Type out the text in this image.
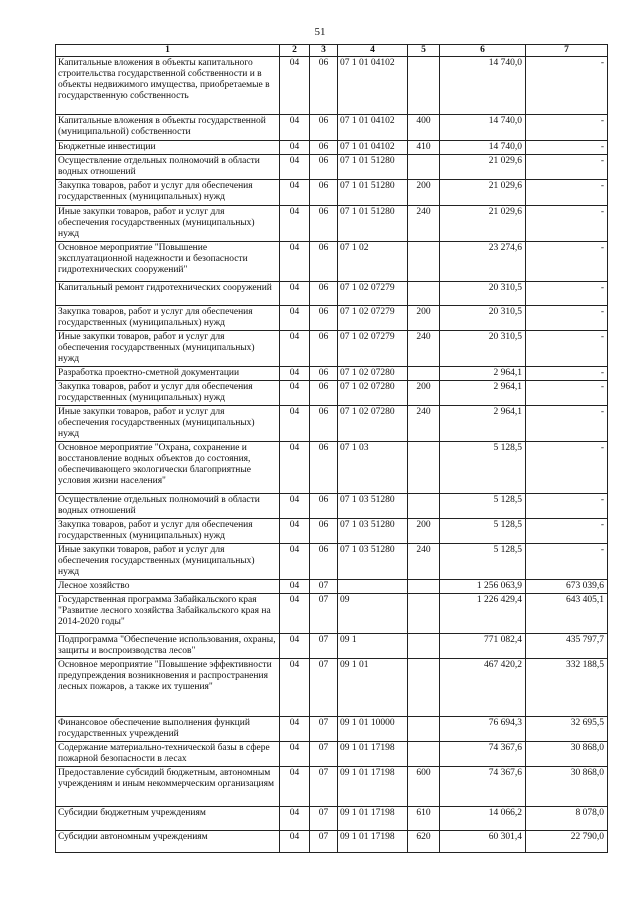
51
1	2	3	4	5	6	7
Капитальные вложения в объекты капитального строительства государственной собственности и в объекты недвижимого имущества, приобретаемые в государственную собственность	04	06	07 1 01 04102		14 740,0	-
Капитальные вложения в объекты государственной (муниципальной) собственности	04	06	07 1 01 04102	400	14 740,0	-
Бюджетные инвестиции	04	06	07 1 01 04102	410	14 740,0	-
Осуществление отдельных полномочий в области водных отношений	04	06	07 1 01 51280		21 029,6	-
Закупка товаров, работ и услуг для обеспечения государственных (муниципальных) нужд	04	06	07 1 01 51280	200	21 029,6	-
Иные закупки товаров, работ и услуг для обеспечения государственных (муниципальных) нужд	04	06	07 1 01 51280	240	21 029,6	-
Основное мероприятие "Повышение эксплуатационной надежности и безопасности гидротехнических сооружений"	04	06	07 1 02		23 274,6	-
Капитальный ремонт гидротехнических сооружений	04	06	07 1 02 07279		20 310,5	-
Закупка товаров, работ и услуг для обеспечения государственных (муниципальных) нужд	04	06	07 1 02 07279	200	20 310,5	-
Иные закупки товаров, работ и услуг для обеспечения государственных (муниципальных) нужд	04	06	07 1 02 07279	240	20 310,5	-
Разработка проектно-сметной документации	04	06	07 1 02 07280		2 964,1	-
Закупка товаров, работ и услуг для обеспечения государственных (муниципальных) нужд	04	06	07 1 02 07280	200	2 964,1	-
Иные закупки товаров, работ и услуг для обеспечения государственных (муниципальных) нужд	04	06	07 1 02 07280	240	2 964,1	-
Основное мероприятие "Охрана, сохранение и восстановление водных объектов до состояния, обеспечивающего экологически благоприятные условия жизни населения"	04	06	07 1 03		5 128,5	-
Осуществление отдельных полномочий в области водных отношений	04	06	07 1 03 51280		5 128,5	-
Закупка товаров, работ и услуг для обеспечения государственных (муниципальных) нужд	04	06	07 1 03 51280	200	5 128,5	-
Иные закупки товаров, работ и услуг для обеспечения государственных (муниципальных) нужд	04	06	07 1 03 51280	240	5 128,5	-
Лесное хозяйство	04	07			1 256 063,9	673 039,6
Государственная программа Забайкальского края "Развитие лесного хозяйства Забайкальского края на 2014-2020 годы"	04	07	09		1 226 429,4	643 405,1
Подпрограмма "Обеспечение использования, охраны, защиты и воспроизводства лесов"	04	07	09 1		771 082,4	435 797,7
Основное мероприятие "Повышение эффективности предупреждения возникновения и распространения лесных пожаров, а также их тушения"	04	07	09 1 01		467 420,2	332 188,5
Финансовое обеспечение выполнения функций государственных учреждений	04	07	09 1 01 10000		76 694,3	32 695,5
Содержание материально-технической базы в сфере пожарной безопасности в лесах	04	07	09 1 01 17198		74 367,6	30 868,0
Предоставление субсидий бюджетным, автономным учреждениям и иным некоммерческим организациям	04	07	09 1 01 17198	600	74 367,6	30 868,0
Субсидии бюджетным учреждениям	04	07	09 1 01 17198	610	14 066,2	8 078,0
Субсидии автономным учреждениям	04	07	09 1 01 17198	620	60 301,4	22 790,0
